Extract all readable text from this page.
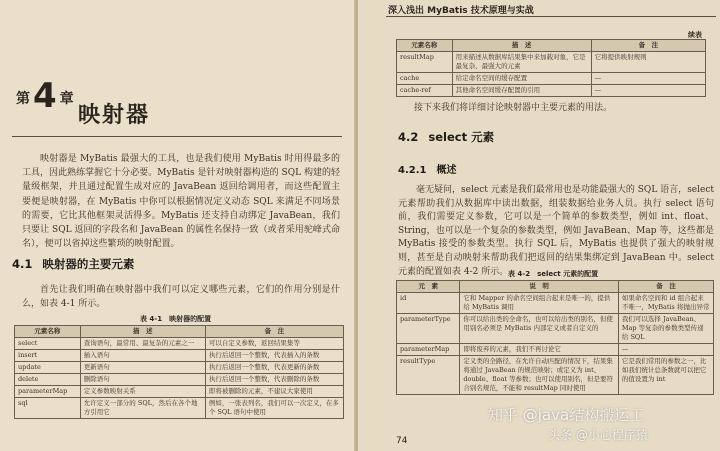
第4 章
映射器
映射器是 MyBatis 最强大的工具，也是我们使用 MyBatis 时用得最多的工具，因此熟练掌握它十分必要。MyBatis 是针对映射器构造的 SQL 构建的轻量级框架，并且通过配置生成对应的 JavaBean 返回给调用者，而这些配置主要便是映射器，在 MyBatis 中你可以根据情况定义动态 SQL 来满足不同场景的需要，它比其他框架灵活得多。MyBatis 还支持自动绑定 JavaBean，我们只要让 SQL 返回的字段名和 JavaBean 的属性名保持一致（或者采用驼峰式命名），便可以省掉这些繁琐的映射配置。
4.1 映射器的主要元素
首先让我们明确在映射器中我们可以定义哪些元素，它们的作用分别是什么，如表 4-1 所示。
表 4-1　映射器的配置
元素名称	描　述	备　注
select	查询语句，最常用、最复杂的元素之一	可以自定义参数，返回结果集等
insert	插入语句	执行后返回一个整数，代表插入的条数
update	更新语句	执行后返回一个整数，代表更新的条数
delete	删除语句	执行后返回一个整数，代表删除的条数
parameterMap	定义参数映射关系	即将被删除的元素，不建议大家使用
sql	允许定义一部分的 SQL，然后在各个地方引用它	例如，一张表列名，我们可以一次定义，在多个 SQL 语句中使用
深入浅出 MyBatis 技术原理与实战
续表
元素名称	描　述	备　注
resultMap	用来描述从数据库结果集中来加载对象，它是最复杂、最强大的元素	它将提供映射规则
cache	给定命名空间的缓存配置	—
cache-ref	其他命名空间缓存配置的引用	—
接下来我们将详细讨论映射器中主要元素的用法。
4.2 select 元素
4.2.1 概述
毫无疑问，select 元素是我们最常用也是功能最强大的 SQL 语言，select 元素帮助我们从数据库中读出数据，组装数据给业务人员。执行 select 语句前，我们需要定义参数，它可以是一个简单的参数类型，例如 int、float、String，也可以是一个复杂的参数类型，例如 JavaBean、Map 等，这些都是 MyBatis 接受的参数类型。执行 SQL 后，MyBatis 也提供了强大的映射规则，甚至是自动映射来帮助我们把返回的结果集绑定到 JavaBean 中。select 元素的配置如表 4-2 所示。 表 4-2　select 元素的配置
元　素	说　明	备　注
id	它和 Mapper 的命名空间组合起来是唯一的，提供给 MyBatis 调用	如果命名空间和 id 组合起来不唯一，MyBatis 将抛出异常
parameterType	你可以给出类的全命名，也可以给出类的别名，但使用别名必须是 MyBatis 内部定义或者自定义的	我们可以选择 JavaBean、Map 等复杂的参数类型传递给 SQL
parameterMap	即将废弃的元素，我们不再讨论它	—
resultType	定义类的全路径，在允许自动匹配的情况下，结果集将通过 JavaBean 的规范映射；或定义为 int、double、float 等参数；也可以使用别名，但是要符合别名规范，不能和 resultMap 同时使用	它是我们常用的参数之一，比如我们统计总条数就可以把它的值设置为 int
74
知乎 @java结构搬运工
头条 @小心程序猿
